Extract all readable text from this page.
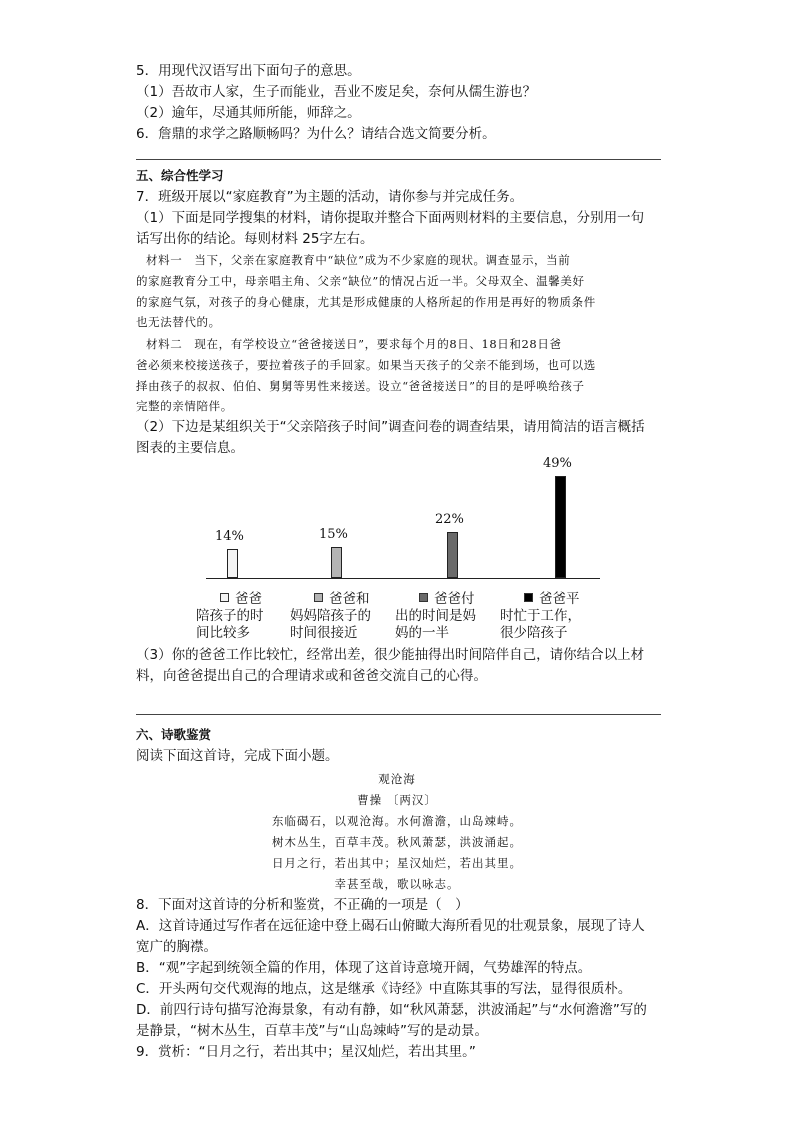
5．用现代汉语写出下面句子的意思。
（1）吾故市人家，生子而能业，吾业不废足矣，奈何从儒生游也？
（2）逾年，尽通其师所能，师辞之。
6．詹鼎的求学之路顺畅吗？为什么？请结合选文简要分析。
五、综合性学习
7．班级开展以“家庭教育”为主题的活动，请你参与并完成任务。
（1）下面是同学搜集的材料，请你提取并整合下面两则材料的主要信息，分别用一句
话写出你的结论。每则材料 25字左右。
材料一　当下，父亲在家庭教育中“缺位”成为不少家庭的现状。调查显示，当前
的家庭教育分工中，母亲唱主角、父亲“缺位”的情况占近一半。父母双全、温馨美好
的家庭气氛，对孩子的身心健康，尤其是形成健康的人格所起的作用是再好的物质条件
也无法替代的。
材料二　现在，有学校设立“爸爸接送日”，要求每个月的8日、18日和28日爸
爸必须来校接送孩子，要拉着孩子的手回家。如果当天孩子的父亲不能到场，也可以选
择由孩子的叔叔、伯伯、舅舅等男性来接送。设立“爸爸接送日”的目的是呼唤给孩子
完整的亲情陪伴。
（2）下边是某组织关于“父亲陪孩子时间”调查问卷的调查结果，请用简洁的语言概括
图表的主要信息。
14%
爸爸
陪孩子的时
间比较多
15%
爸爸和
妈妈陪孩子的
时间很接近
22%
爸爸付
出的时间是妈
妈的一半
49%
爸爸平
时忙于工作，
很少陪孩子
（3）你的爸爸工作比较忙，经常出差，很少能抽得出时间陪伴自己，请你结合以上材
料，向爸爸提出自己的合理请求或和爸爸交流自己的心得。
六、诗歌鉴赏
阅读下面这首诗，完成下面小题。
观沧海
曹操 〔两汉〕
东临碣石，以观沧海。水何澹澹，山岛竦峙。
树木丛生，百草丰茂。秋风萧瑟，洪波涌起。
日月之行，若出其中；星汉灿烂，若出其里。
幸甚至哉，歌以咏志。
8．下面对这首诗的分析和鉴赏，不正确的一项是（　）
A．这首诗通过写作者在远征途中登上碣石山俯瞰大海所看见的壮观景象，展现了诗人
宽广的胸襟。
B．“观”字起到统领全篇的作用，体现了这首诗意境开阔，气势雄浑的特点。
C．开头两句交代观海的地点，这是继承《诗经》中直陈其事的写法，显得很质朴。
D．前四行诗句描写沧海景象，有动有静，如“秋风萧瑟，洪波涌起”与“水何澹澹”写的
是静景，“树木丛生，百草丰茂”与“山岛竦峙”写的是动景。
9．赏析：“日月之行，若出其中；星汉灿烂，若出其里。”
